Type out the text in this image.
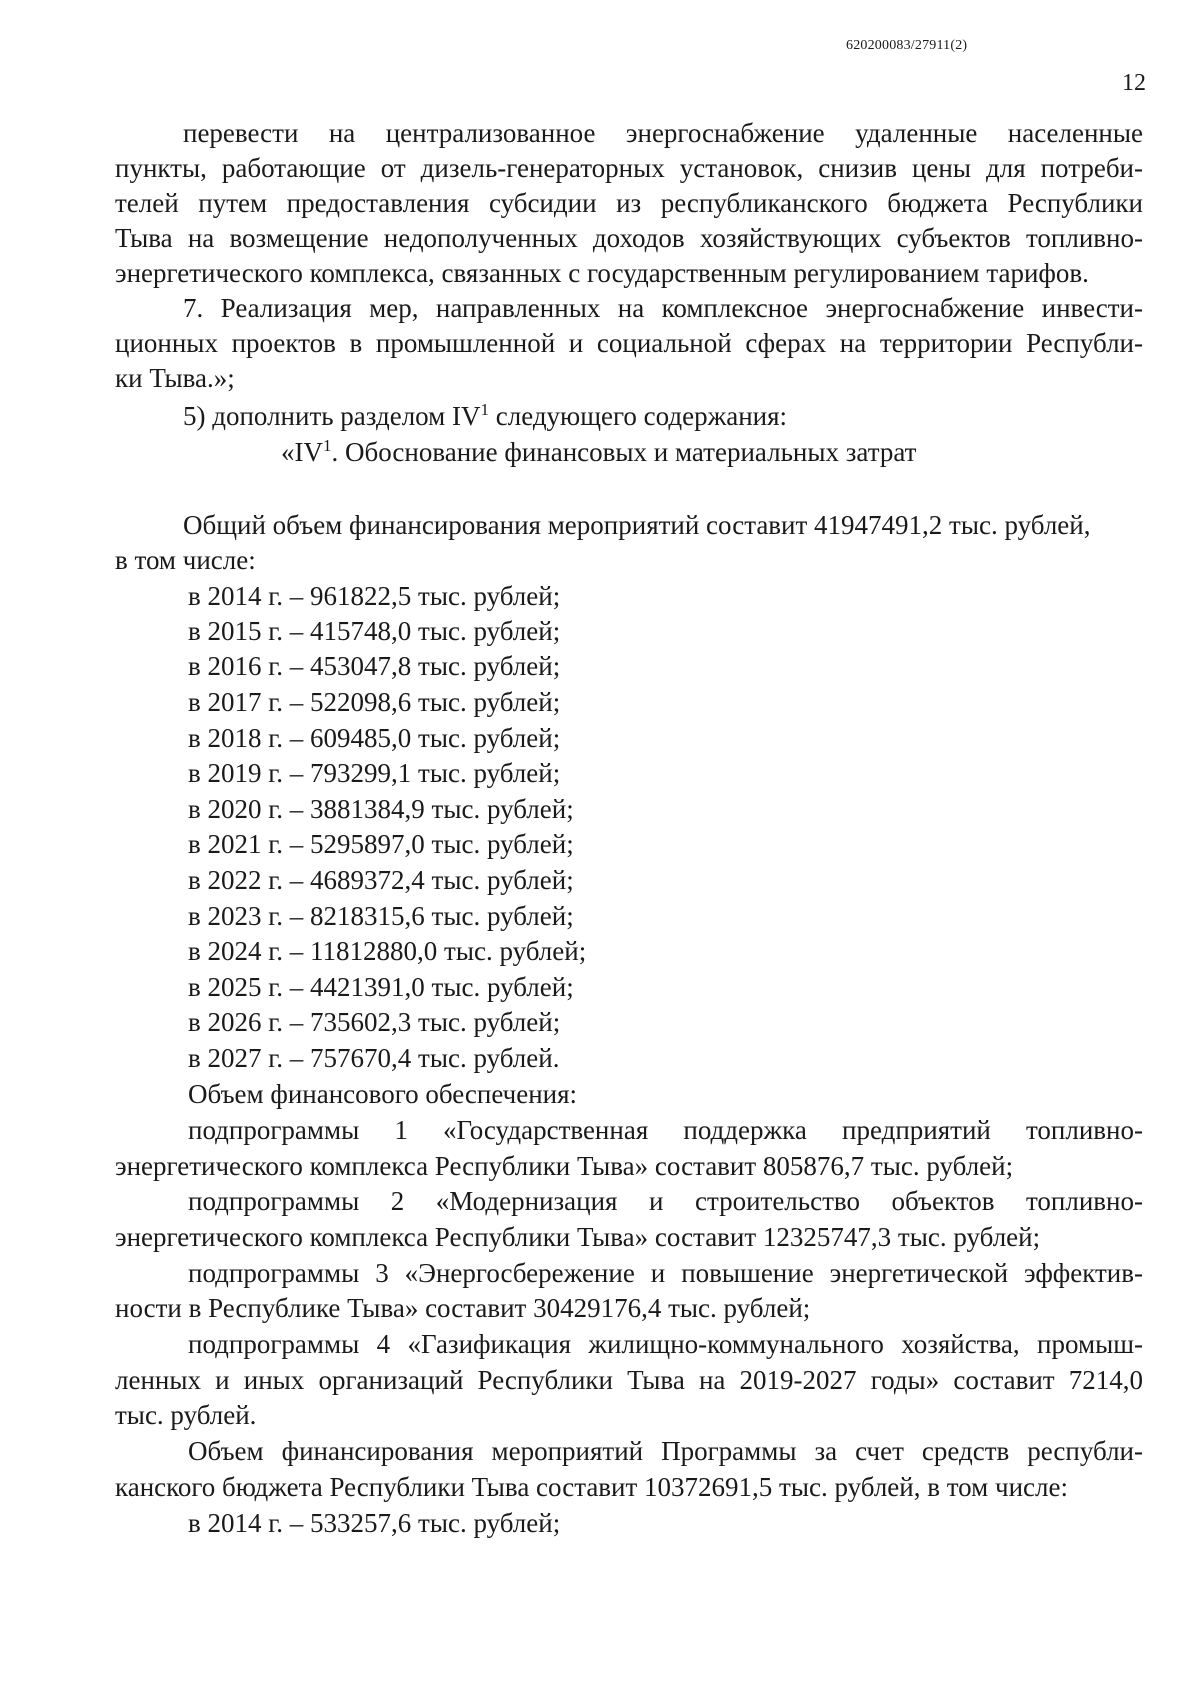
620200083/27911(2)
12
перевести на централизованное энергоснабжение удаленные населенные
пункты, работающие от дизель-генераторных установок, снизив цены для потреби-
телей путем предоставления субсидии из республиканского бюджета Республики
Тыва на возмещение недополученных доходов хозяйствующих субъектов топливно-
энергетического комплекса, связанных с государственным регулированием тарифов.
7. Реализация мер, направленных на комплексное энергоснабжение инвести-
ционных проектов в промышленной и социальной сферах на территории Республи-
ки Тыва.»;
5) дополнить разделом $IV^1$ следующего содержания:
«$IV^1$. Обоснование финансовых и материальных затрат
Общий объем финансирования мероприятий составит 41947491,2 тыс. рублей,
в том числе:
в 2014 г. – 961822,5 тыс. рублей;
в 2015 г. – 415748,0 тыс. рублей;
в 2016 г. – 453047,8 тыс. рублей;
в 2017 г. – 522098,6 тыс. рублей;
в 2018 г. – 609485,0 тыс. рублей;
в 2019 г. – 793299,1 тыс. рублей;
в 2020 г. – 3881384,9 тыс. рублей;
в 2021 г. – 5295897,0 тыс. рублей;
в 2022 г. – 4689372,4 тыс. рублей;
в 2023 г. – 8218315,6 тыс. рублей;
в 2024 г. – 11812880,0 тыс. рублей;
в 2025 г. – 4421391,0 тыс. рублей;
в 2026 г. – 735602,3 тыс. рублей;
в 2027 г. – 757670,4 тыс. рублей.
Объем финансового обеспечения:
подпрограммы 1 «Государственная поддержка предприятий топливно-
энергетического комплекса Республики Тыва» составит 805876,7 тыс. рублей;
подпрограммы 2 «Модернизация и строительство объектов топливно-
энергетического комплекса Республики Тыва» составит 12325747,3 тыс. рублей;
подпрограммы 3 «Энергосбережение и повышение энергетической эффектив-
ности в Республике Тыва» составит 30429176,4 тыс. рублей;
подпрограммы 4 «Газификация жилищно-коммунального хозяйства, промыш-
ленных и иных организаций Республики Тыва на 2019-2027 годы» составит 7214,0
тыс. рублей.
Объем финансирования мероприятий Программы за счет средств республи-
канского бюджета Республики Тыва составит 10372691,5 тыс. рублей, в том числе:
в 2014 г. – 533257,6 тыс. рублей;
